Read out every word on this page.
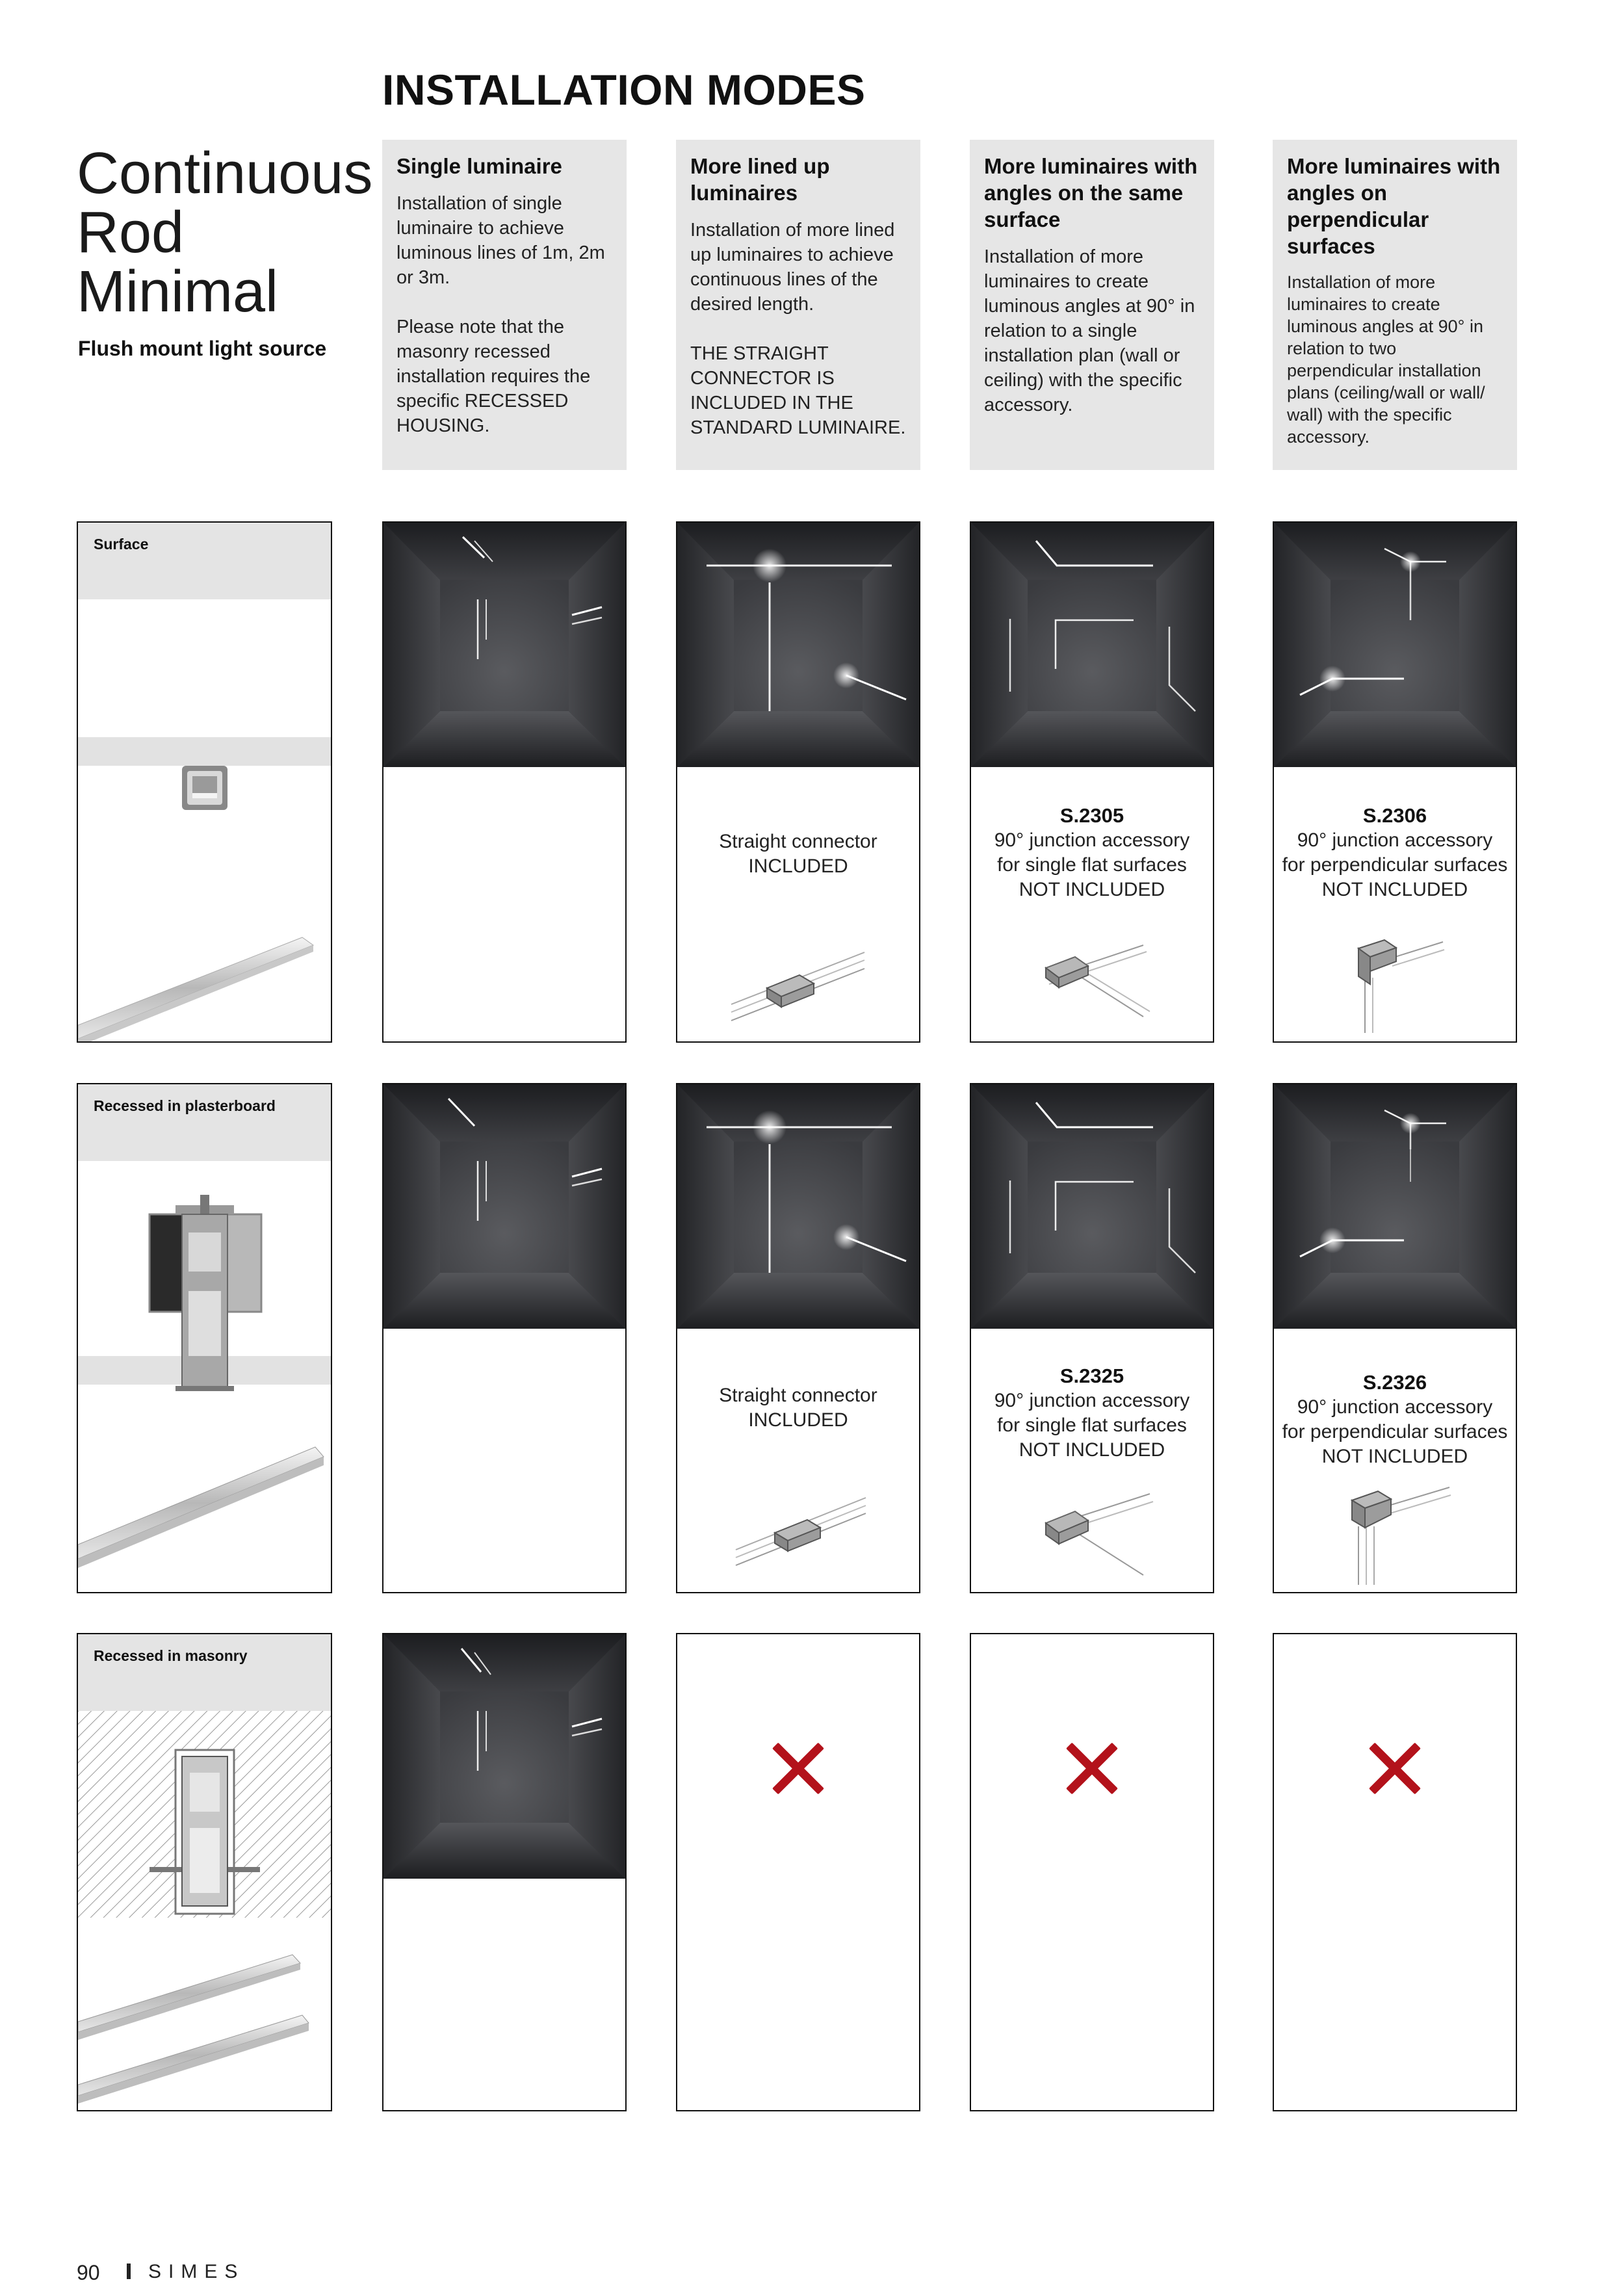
INSTALLATION MODES
Continuous
Rod
Minimal
Flush mount light source
Single luminaire
Installation of single luminaire to achieve luminous lines of 1m, 2m or 3m.

Please note that the masonry recessed installation requires the specific RECESSED HOUSING.
More lined up luminaires
Installation of more lined up luminaires to achieve continuous lines of the desired length.

THE STRAIGHT CONNECTOR IS INCLUDED IN THE STANDARD LUMINAIRE.
More luminaires with angles on the same surface
Installation of more luminaires to create luminous angles at 90° in relation to a single installation plan (wall or ceiling) with the specific accessory.
More luminaires with angles on perpendicular surfaces
Installation of more luminaires to create luminous angles at 90° in relation to two perpendicular installation plans (ceiling/wall or wall/ wall) with the specific accessory.
Surface
S.2305
90° junction accessory
for single flat surfaces
NOT INCLUDED
S.2306
90° junction accessory
for perpendicular surfaces
NOT INCLUDED
Recessed in plasterboard
Straight connector
INCLUDED
S.2325
90° junction accessory
for single flat surfaces
NOT INCLUDED
S.2326
90° junction accessory
for perpendicular surfaces
NOT INCLUDED
Recessed in masonry
Straight connector
INCLUDED
90 SIMES
